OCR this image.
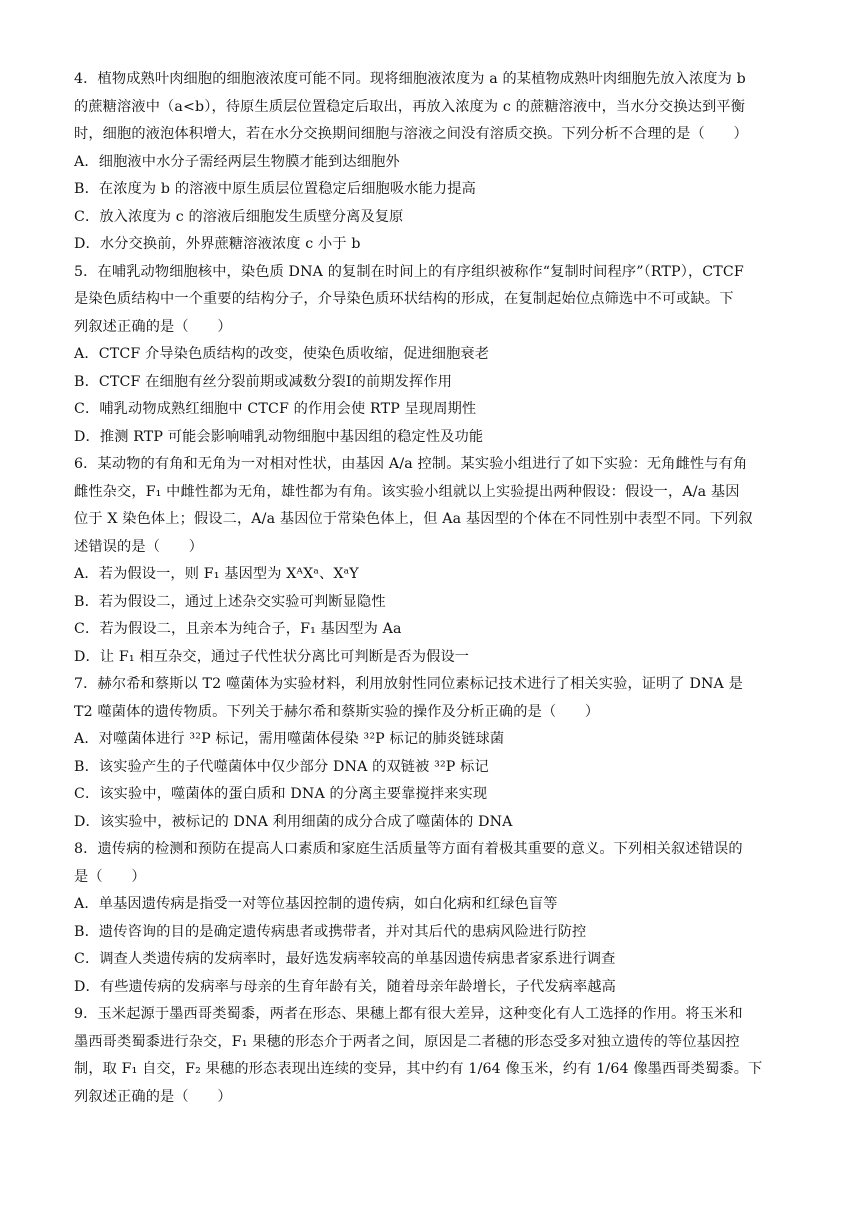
4．植物成熟叶肉细胞的细胞液浓度可能不同。现将细胞液浓度为 a 的某植物成熟叶肉细胞先放入浓度为 b
的蔗糖溶液中（a<b），待原生质层位置稳定后取出，再放入浓度为 c 的蔗糖溶液中，当水分交换达到平衡
时，细胞的液泡体积增大，若在水分交换期间细胞与溶液之间没有溶质交换。下列分析不合理的是（　　）
A．细胞液中水分子需经两层生物膜才能到达细胞外
B．在浓度为 b 的溶液中原生质层位置稳定后细胞吸水能力提高
C．放入浓度为 c 的溶液后细胞发生质壁分离及复原
D．水分交换前，外界蔗糖溶液浓度 c 小于 b
5．在哺乳动物细胞核中，染色质 DNA 的复制在时间上的有序组织被称作“复制时间程序”（RTP），CTCF
是染色质结构中一个重要的结构分子，介导染色质环状结构的形成，在复制起始位点筛选中不可或缺。下
列叙述正确的是（　　）
A．CTCF 介导染色质结构的改变，使染色质收缩，促进细胞衰老
B．CTCF 在细胞有丝分裂前期或减数分裂Ⅰ的前期发挥作用
C．哺乳动物成熟红细胞中 CTCF 的作用会使 RTP 呈现周期性
D．推测 RTP 可能会影响哺乳动物细胞中基因组的稳定性及功能
6．某动物的有角和无角为一对相对性状，由基因 A/a 控制。某实验小组进行了如下实验：无角雌性与有角
雌性杂交，F₁ 中雌性都为无角，雄性都为有角。该实验小组就以上实验提出两种假设：假设一，A/a 基因
位于 X 染色体上；假设二，A/a 基因位于常染色体上，但 Aa 基因型的个体在不同性别中表型不同。下列叙
述错误的是（　　）
A．若为假设一，则 F₁ 基因型为 XᴬXᵃ、XᵃY
B．若为假设二，通过上述杂交实验可判断显隐性
C．若为假设二，且亲本为纯合子，F₁ 基因型为 Aa
D．让 F₁ 相互杂交，通过子代性状分离比可判断是否为假设一
7．赫尔希和蔡斯以 T2 噬菌体为实验材料，利用放射性同位素标记技术进行了相关实验，证明了 DNA 是
T2 噬菌体的遗传物质。下列关于赫尔希和蔡斯实验的操作及分析正确的是（　　）
A．对噬菌体进行 ³²P 标记，需用噬菌体侵染 ³²P 标记的肺炎链球菌
B．该实验产生的子代噬菌体中仅少部分 DNA 的双链被 ³²P 标记
C．该实验中，噬菌体的蛋白质和 DNA 的分离主要靠搅拌来实现
D．该实验中，被标记的 DNA 利用细菌的成分合成了噬菌体的 DNA
8．遗传病的检测和预防在提高人口素质和家庭生活质量等方面有着极其重要的意义。下列相关叙述错误的
是（　　）
A．单基因遗传病是指受一对等位基因控制的遗传病，如白化病和红绿色盲等
B．遗传咨询的目的是确定遗传病患者或携带者，并对其后代的患病风险进行防控
C．调查人类遗传病的发病率时，最好选发病率较高的单基因遗传病患者家系进行调查
D．有些遗传病的发病率与母亲的生育年龄有关，随着母亲年龄增长，子代发病率越高
9．玉米起源于墨西哥类蜀黍，两者在形态、果穗上都有很大差异，这种变化有人工选择的作用。将玉米和
墨西哥类蜀黍进行杂交，F₁ 果穗的形态介于两者之间，原因是二者穗的形态受多对独立遗传的等位基因控
制，取 F₁ 自交，F₂ 果穗的形态表现出连续的变异，其中约有 1/64 像玉米，约有 1/64 像墨西哥类蜀黍。下
列叙述正确的是（　　）
